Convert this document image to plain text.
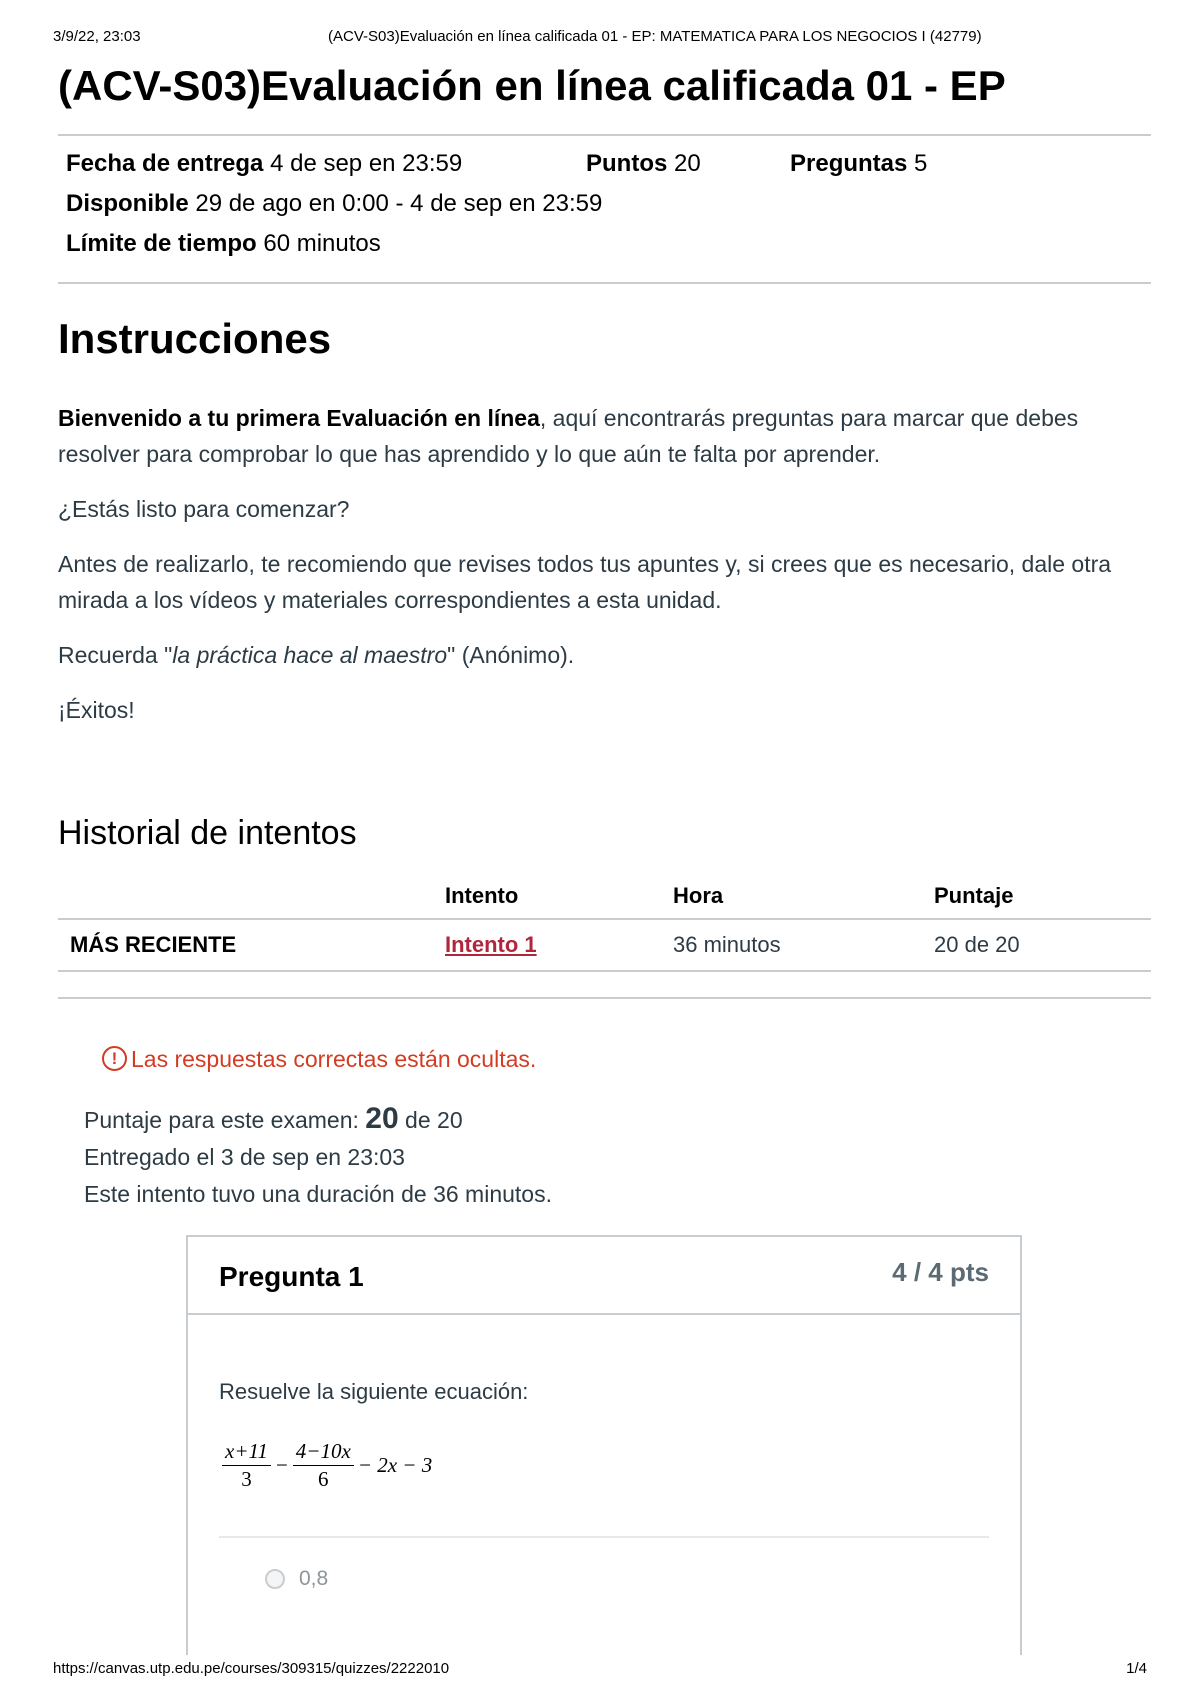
3/9/22, 23:03	(ACV-S03)Evaluación en línea calificada 01 - EP: MATEMATICA PARA LOS NEGOCIOS I (42779)
(ACV-S03)Evaluación en línea calificada 01 - EP
Fecha de entrega 4 de sep en 23:59	Puntos 20	Preguntas 5
Disponible 29 de ago en 0:00 - 4 de sep en 23:59
Límite de tiempo 60 minutos
Instrucciones

Bienvenido a tu primera Evaluación en línea, aquí encontrarás preguntas para marcar que debes resolver para comprobar lo que has aprendido y lo que aún te falta por aprender.

¿Estás listo para comenzar?

Antes de realizarlo, te recomiendo que revises todos tus apuntes y, si crees que es necesario, dale otra mirada a los vídeos y materiales correspondientes a esta unidad.

Recuerda "la práctica hace al maestro" (Anónimo).

¡Éxitos!

Historial de intentos
	Intento	Hora	Puntaje
MÁS RECIENTE	Intento 1	36 minutos	20 de 20
! Las respuestas correctas están ocultas.
Puntaje para este examen: 20 de 20
Entregado el 3 de sep en 23:03
Este intento tuvo una duración de 36 minutos.
Pregunta 1	4 / 4 pts
Resuelve la siguiente ecuación:
$\frac{x+11}{3} - \frac{4-10x}{6} - 2x - 3$
0,8
https://canvas.utp.edu.pe/courses/309315/quizzes/2222010	1/4
